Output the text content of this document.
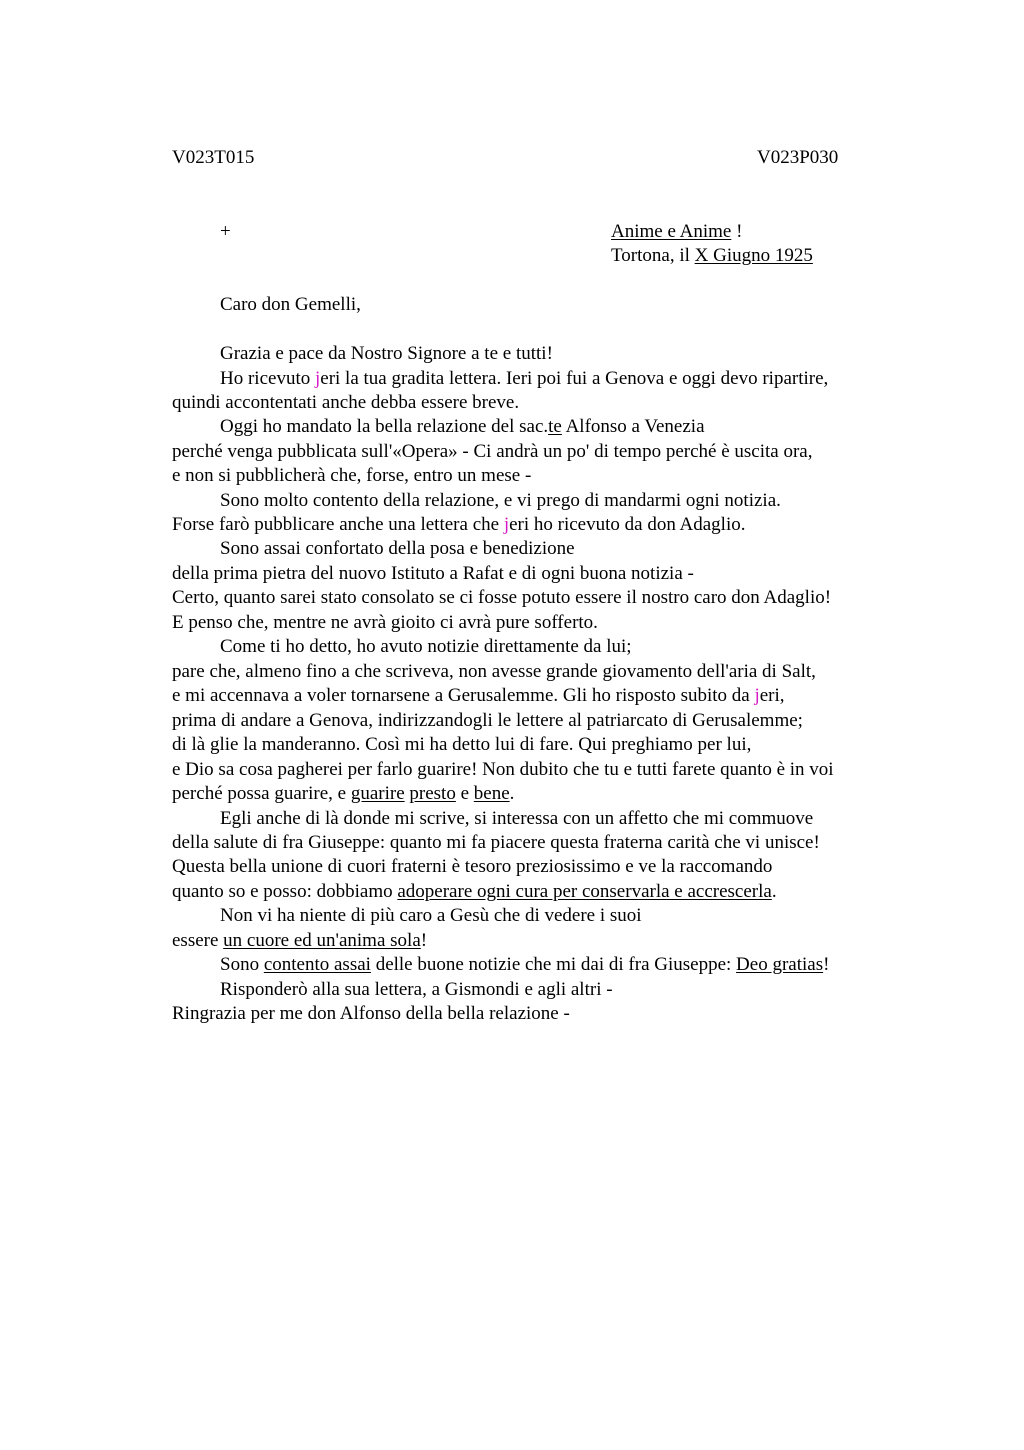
V023T015	V023P030
+	Anime e Anime !
Tortona, il X Giugno 1925
Caro don Gemelli,
Grazia e pace da Nostro Signore a te e tutti!
Ho ricevuto jeri la tua gradita lettera. Ieri poi fui a Genova e oggi devo ripartire,
quindi accontentati anche debba essere breve.
Oggi ho mandato la bella relazione del sac.te Alfonso a Venezia
perché venga pubblicata sull'«Opera» - Ci andrà un po' di tempo perché è uscita ora,
e non si pubblicherà che, forse, entro un mese -
Sono molto contento della relazione, e vi prego di mandarmi ogni notizia.
Forse farò pubblicare anche una lettera che jeri ho ricevuto da don Adaglio.
Sono assai confortato della posa e benedizione
della prima pietra del nuovo Istituto a Rafat e di ogni buona notizia -
Certo, quanto sarei stato consolato se ci fosse potuto essere il nostro caro don Adaglio!
E penso che, mentre ne avrà gioito ci avrà pure sofferto.
Come ti ho detto, ho avuto notizie direttamente da lui;
pare che, almeno fino a che scriveva, non avesse grande giovamento dell'aria di Salt,
e mi accennava a voler tornarsene a Gerusalemme. Gli ho risposto subito da jeri,
prima di andare a Genova, indirizzandogli le lettere al patriarcato di Gerusalemme;
di là glie la manderanno. Così mi ha detto lui di fare. Qui preghiamo per lui,
e Dio sa cosa pagherei per farlo guarire! Non dubito che tu e tutti farete quanto è in voi
perché possa guarire, e guarire presto e bene.
Egli anche di là donde mi scrive, si interessa con un affetto che mi commuove
della salute di fra Giuseppe: quanto mi fa piacere questa fraterna carità che vi unisce!
Questa bella unione di cuori fraterni è tesoro preziosissimo e ve la raccomando
quanto so e posso: dobbiamo adoperare ogni cura per conservarla e accrescerla.
Non vi ha niente di più caro a Gesù che di vedere i suoi
essere un cuore ed un'anima sola!
Sono contento assai delle buone notizie che mi dai di fra Giuseppe: Deo gratias!
Risponderò alla sua lettera, a Gismondi e agli altri -
Ringrazia per me don Alfonso della bella relazione -
